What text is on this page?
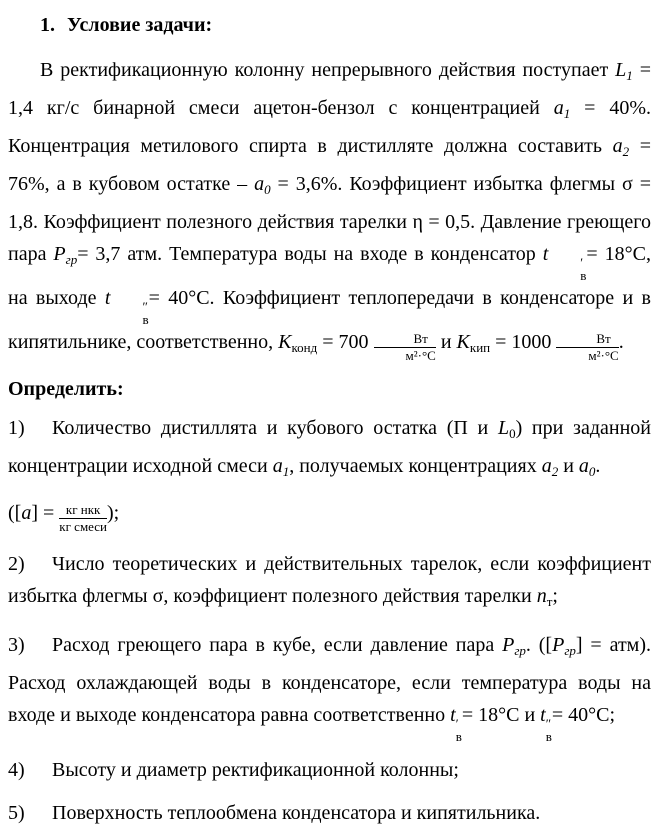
1. Условие задачи:

В ректификационную колонну непрерывного действия поступает $L_1 = 1,4$ кг/с бинарной смеси ацетон-бензол с концентрацией $a_1 = 40\%$. Концентрация метилового спирта в дистилляте должна составить $a_2 = 76\%$, а в кубовом остатке – $a_0 = 3,6\%$. Коэффициент избытка флегмы σ = 1,8. Коэффициент полезного действия тарелки η = 0,5. Давление греющего пара $P_{гр}= 3,7$ атм. Температура воды на входе в конденсатор t	′
в
= 18°С, на выходе t	″
в
= 40°С. Коэффициент теплопередачи в конденсаторе и в кипятильнике, соответственно, $K_{конд} = 700 \frac{Вт}{\text{м²·°С}}$ и $K_{кип} = 1000 \frac{Вт}{\text{м²·°С}}$ .

Определить:
1) Количество дистиллята и кубового остатка (П и $L_0$) при заданной концентрации исходной смеси $a_1$, получаемых концентрациях $a_2$ и $a_0$.
($[a] = \frac{\text{кг нкк}}{\text{кг смеси}}$ );
2) Число теоретических и действительных тарелок, если коэффициент избытка флегмы σ, коэффициент полезного действия тарелки $n_т$;
3) Расход греющего пара в кубе, если давление пара $P_{гр}$. $([P_{гр}] = атм)$. Расход охлаждающей воды в конденсаторе, если температура воды на входе и выходе конденсатора равна соответственно t ′
в
= 18°С и t ″
в
= 40°С;
4) Высоту и диаметр ректификационной колонны;
5) Поверхность теплообмена конденсатора и кипятильника.
